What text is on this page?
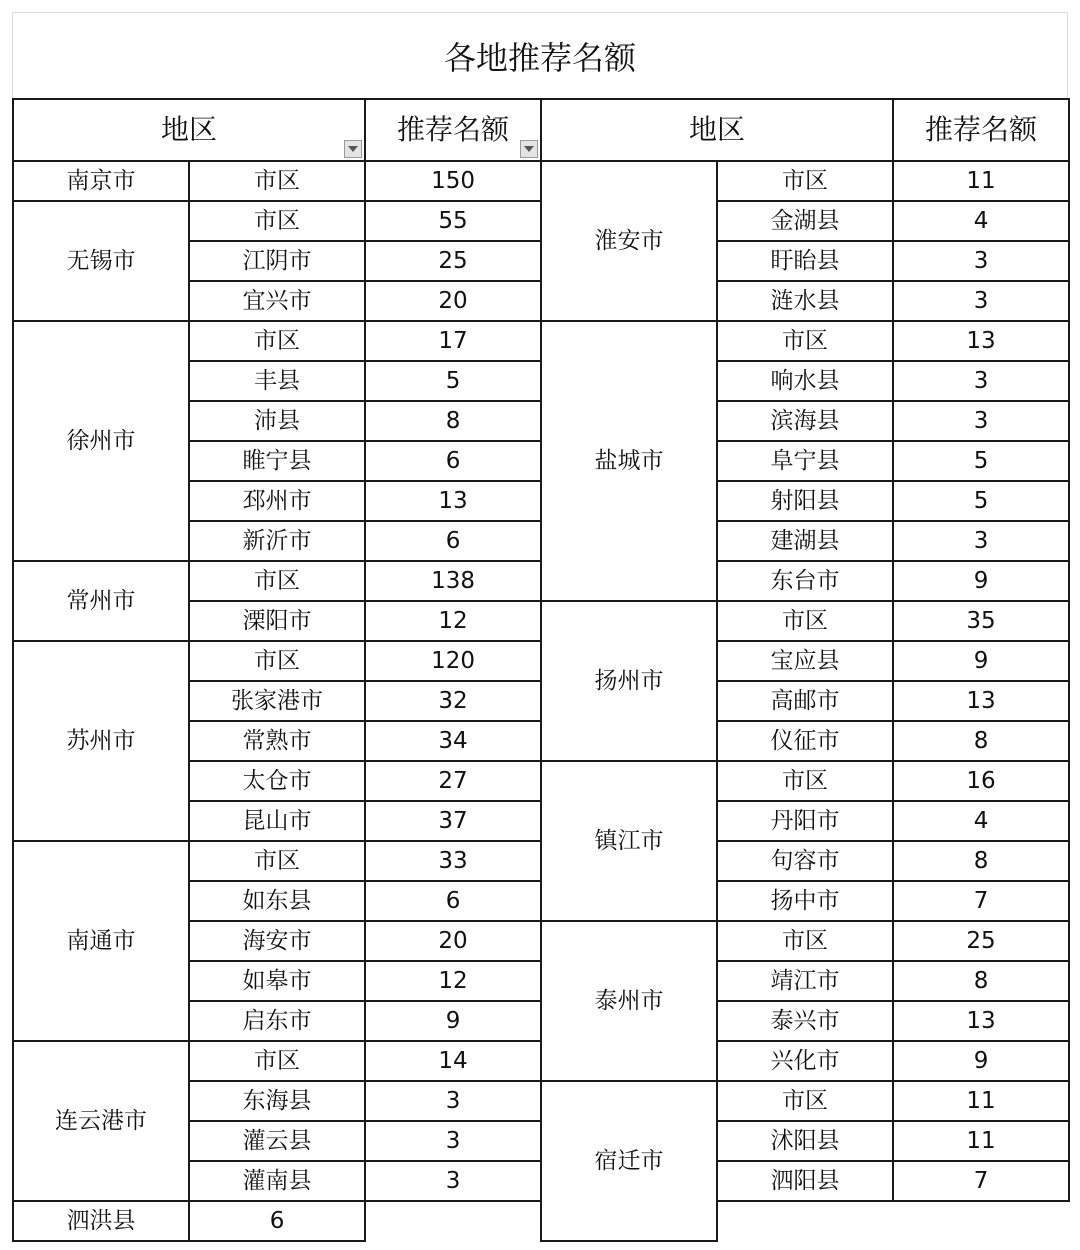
各地推荐名额
地区		推荐名额	地区		推荐名额
南京市	市区	150	淮安市	市区	11
无锡市	市区	55		金湖县	4
	江阴市	25		盱眙县	3
	宜兴市	20		涟水县	3
徐州市	市区	17	盐城市	市区	13
	丰县	5		响水县	3
	沛县	8		滨海县	3
	睢宁县	6		阜宁县	5
	邳州市	13		射阳县	5
	新沂市	6		建湖县	3
常州市	市区	138		东台市	9
	溧阳市	12	扬州市	市区	35
苏州市	市区	120		宝应县	9
	张家港市	32		高邮市	13
	常熟市	34		仪征市	8
	太仓市	27	镇江市	市区	16
	昆山市	37		丹阳市	4
南通市	市区	33		句容市	8
	如东县	6		扬中市	7
	海安市	20	泰州市	市区	25
	如皋市	12		靖江市	8
	启东市	9		泰兴市	13
连云港市	市区	14		兴化市	9
	东海县	3	宿迁市	市区	11
	灌云县	3		沭阳县	11
	灌南县	3		泗阳县	7
泗洪县	6				
